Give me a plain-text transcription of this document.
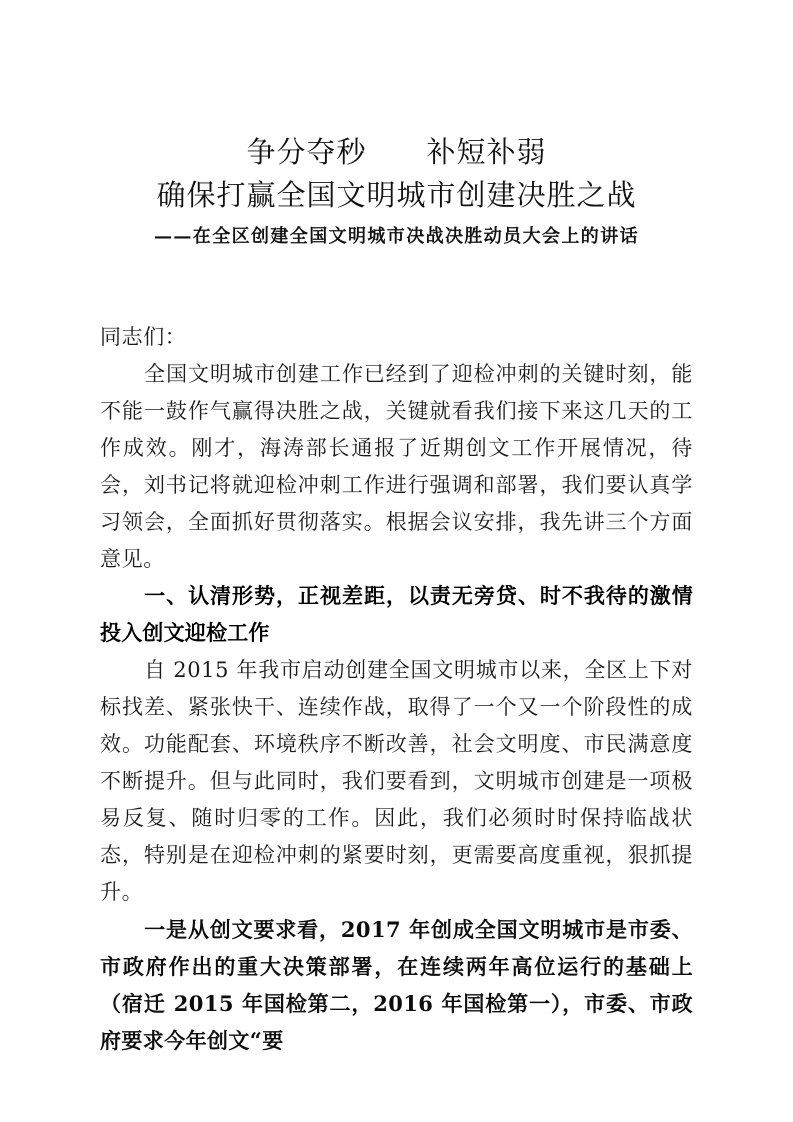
争分夺秒　　补短补弱
确保打赢全国文明城市创建决胜之战
——在全区创建全国文明城市决战决胜动员大会上的讲话

同志们：

全国文明城市创建工作已经到了迎检冲刺的关键时刻，能不能一鼓作气赢得决胜之战，关键就看我们接下来这几天的工作成效。刚才，海涛部长通报了近期创文工作开展情况，待会，刘书记将就迎检冲刺工作进行强调和部署，我们要认真学习领会，全面抓好贯彻落实。根据会议安排，我先讲三个方面意见。

一、认清形势，正视差距，以责无旁贷、时不我待的激情投入创文迎检工作

自 2015 年我市启动创建全国文明城市以来，全区上下对标找差、紧张快干、连续作战，取得了一个又一个阶段性的成效。功能配套、环境秩序不断改善，社会文明度、市民满意度不断提升。但与此同时，我们要看到，文明城市创建是一项极易反复、随时归零的工作。因此，我们必须时时保持临战状态，特别是在迎检冲刺的紧要时刻，更需要高度重视，狠抓提升。

一是从创文要求看，2017 年创成全国文明城市是市委、市政府作出的重大决策部署，在连续两年高位运行的基础上（宿迁 2015 年国检第二，2016 年国检第一），市委、市政府要求今年创文“要
